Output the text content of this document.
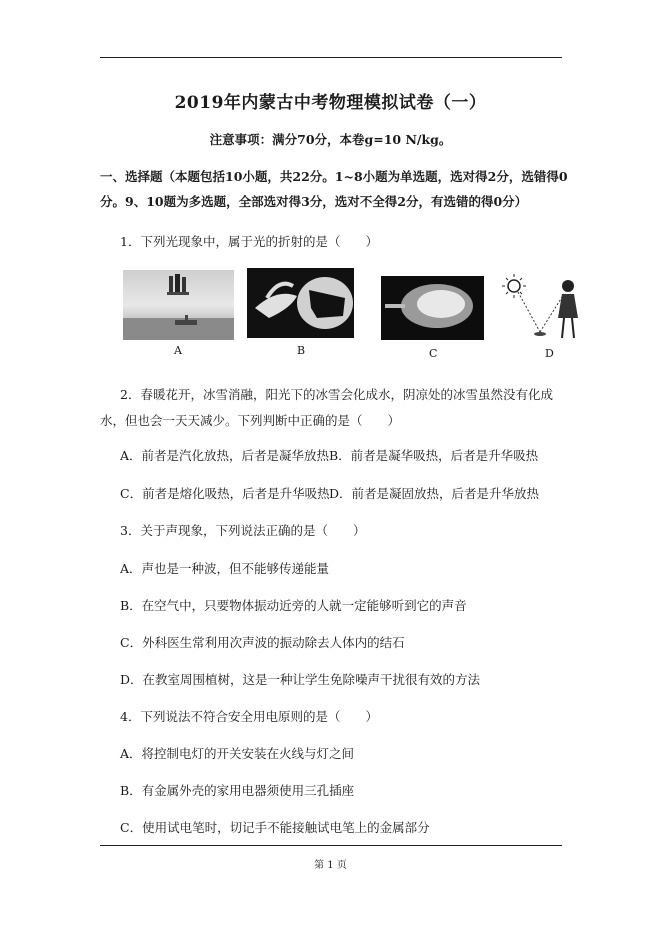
2019年内蒙古中考物理模拟试卷（一）
注意事项：满分70分，本卷g=10 N/kg。
一、选择题（本题包括10小题，共22分。1~8小题为单选题，选对得2分，选错得0分。9、10题为多选题，全部选对得3分，选对不全得2分，有选错的得0分）
1．下列光现象中，属于光的折射的是（　　）
A	B	C	D
2．春暖花开，冰雪消融，阳光下的冰雪会化成水，阴凉处的冰雪虽然没有化成水，但也会一天天减少。下列判断中正确的是（　　）
A．前者是汽化放热，后者是凝华放热 B．前者是凝华吸热，后者是升华吸热
C．前者是熔化吸热，后者是升华吸热 D．前者是凝固放热，后者是升华放热
3．关于声现象，下列说法正确的是（　　）
A．声也是一种波，但不能够传递能量
B．在空气中，只要物体振动近旁的人就一定能够听到它的声音
C．外科医生常利用次声波的振动除去人体内的结石
D．在教室周围植树，这是一种让学生免除噪声干扰很有效的方法
4．下列说法不符合安全用电原则的是（　　）
A．将控制电灯的开关安装在火线与灯之间
B．有金属外壳的家用电器须使用三孔插座
C．使用试电笔时，切记手不能接触试电笔上的金属部分
第 1 页
